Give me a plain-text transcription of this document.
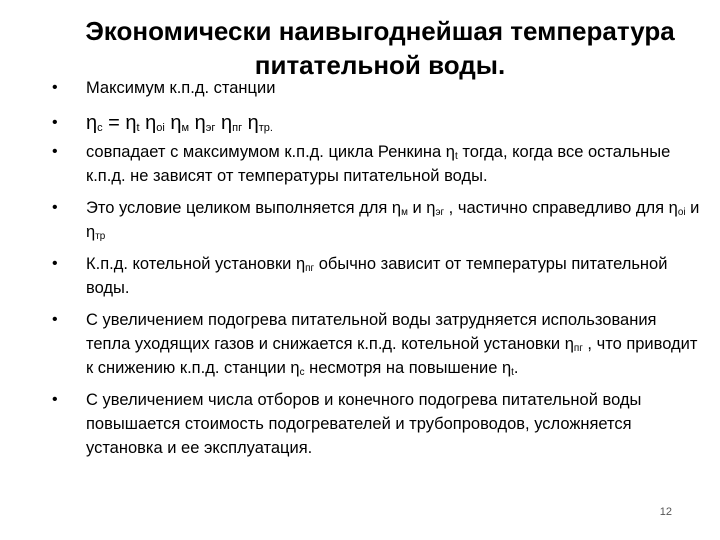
Экономически наивыгоднейшая температура питательной воды.
• Максимум к.п.д. станции
• $\eta_с = \eta_t$ $\eta_{оi}$ $\eta_м$ $\eta_{эг}$ $\eta_{пг}$ $\eta_{тр.}$
• совпадает с максимумом к.п.д. цикла Ренкина $\eta_t$ тогда, когда все остальные к.п.д. не зависят от температуры питательной воды.
• Это условие целиком выполняется для $\eta_м$ и $\eta_{эг}$ , частично справедливо для $\eta_{оi}$ и $\eta_{тр}$
• К.п.д. котельной установки $\eta_{пг}$ обычно зависит от температуры питательной воды.
• С увеличением подогрева питательной воды затрудняется использования тепла уходящих газов и снижается к.п.д. котельной установки $\eta_{пг}$ , что приводит к снижению к.п.д. станции $\eta_с$ несмотря на повышение $\eta_t$.
• С увеличением числа отборов и конечного подогрева питательной воды повышается стоимость подогревателей и трубопроводов, усложняется установка и ее эксплуатация.
12
